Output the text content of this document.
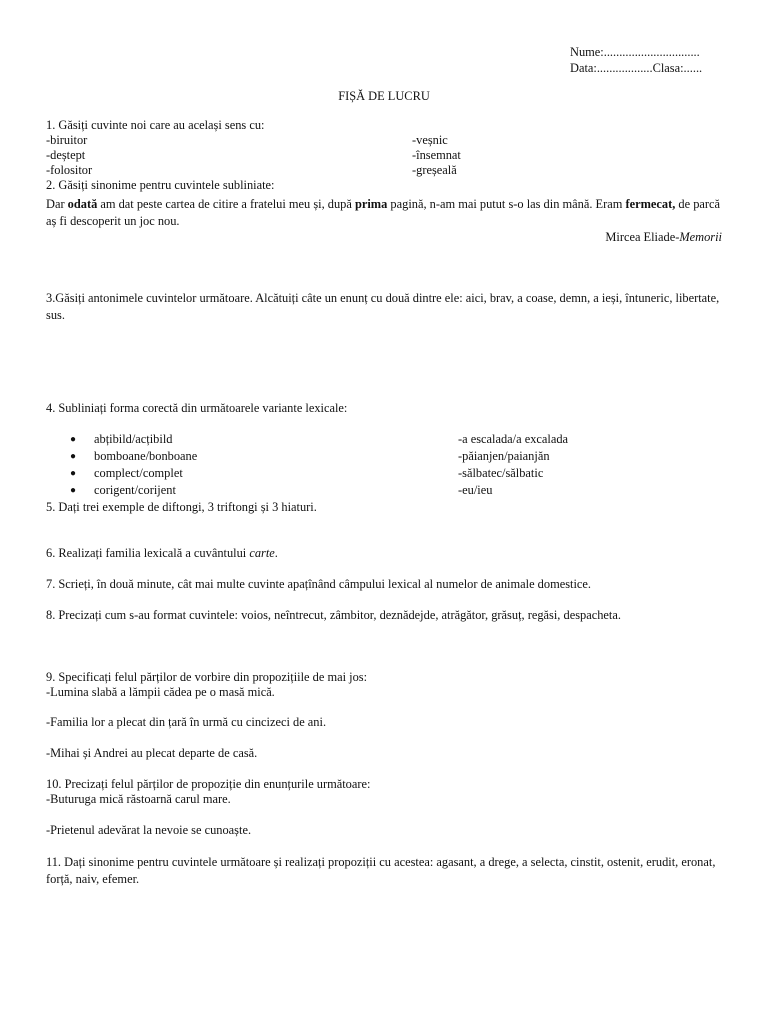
Nume:...............................
Data:..................Clasa:......
FIȘĂ DE LUCRU
1. Găsiți cuvinte noi care au același sens cu:
-biruitor	-veșnic
-deștept	-însemnat
-folositor	-greșeală
2. Găsiți sinonime pentru cuvintele subliniate:
Dar odată am dat peste cartea de citire a fratelui meu și, după prima pagină, n-am mai putut s-o las din mână. Eram fermecat, de parcă aș fi descoperit un joc nou.
Mircea Eliade-Memorii
3.Găsiți antonimele cuvintelor următoare. Alcătuiți câte un enunț cu două dintre ele: aici, brav, a coase, demn, a ieși, întuneric, libertate, sus.
4. Subliniați forma corectă din următoarele variante lexicale:
●	abțibild/acțibild	-a escalada/a excalada
●	bomboane/bonboane	-păianjen/paianjăn
●	complect/complet	-sălbatec/sălbatic
●	corigent/corijent	-eu/ieu
5. Dați trei exemple de diftongi, 3 triftongi și 3 hiaturi.
6. Realizați familia lexicală a cuvântului carte.
7. Scrieți, în două minute, cât mai multe cuvinte apațînând câmpului lexical al numelor de animale domestice.
8. Precizați cum s-au format cuvintele: voios, neîntrecut, zâmbitor, deznădejde, atrăgător, grăsuț, regăsi, despacheta.
9. Specificați felul părților de vorbire din propozițiile de mai jos:
-Lumina slabă a lămpii cădea pe o masă mică.
-Familia lor a plecat din țară în urmă cu cincizeci de ani.
-Mihai și Andrei au plecat departe de casă.
10. Precizați felul părților de propoziție din enunțurile următoare:
-Buturuga mică răstoarnă carul mare.
-Prietenul adevărat la nevoie se cunoaște.
11. Dați sinonime pentru cuvintele următoare și realizați propoziții cu acestea: agasant, a drege, a selecta, cinstit, ostenit, erudit, eronat, forță, naiv, efemer.
